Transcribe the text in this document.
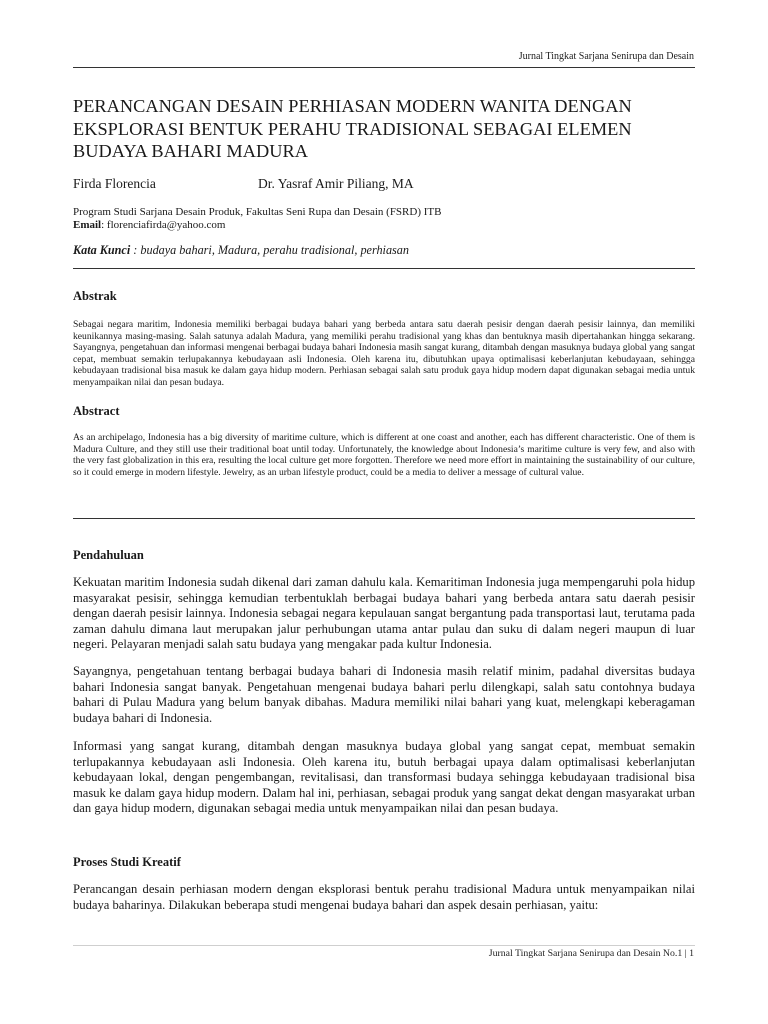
Jurnal Tingkat Sarjana Senirupa dan Desain
PERANCANGAN DESAIN PERHIASAN MODERN WANITA DENGAN EKSPLORASI BENTUK PERAHU TRADISIONAL SEBAGAI ELEMEN BUDAYA BAHARI MADURA
Firda Florencia	Dr. Yasraf Amir Piliang, MA
Program Studi Sarjana Desain Produk, Fakultas Seni Rupa dan Desain (FSRD) ITB
Email: florenciafirda@yahoo.com
Kata Kunci : budaya bahari, Madura, perahu tradisional, perhiasan
Abstrak

Sebagai negara maritim, Indonesia memiliki berbagai budaya bahari yang berbeda antara satu daerah pesisir dengan daerah pesisir lainnya, dan memiliki keunikannya masing-masing. Salah satunya adalah Madura, yang memiliki perahu tradisional yang khas dan bentuknya masih dipertahankan hingga sekarang. Sayangnya, pengetahuan dan informasi mengenai berbagai budaya bahari Indonesia masih sangat kurang, ditambah dengan masuknya budaya global yang sangat cepat, membuat semakin terlupakannya kebudayaan asli Indonesia. Oleh karena itu, dibutuhkan upaya optimalisasi keberlanjutan kebudayaan, sehingga kebudayaan tradisional bisa masuk ke dalam gaya hidup modern. Perhiasan sebagai salah satu produk gaya hidup modern dapat digunakan sebagai media untuk menyampaikan nilai dan pesan budaya.

Abstract

As an archipelago, Indonesia has a big diversity of maritime culture, which is different at one coast and another, each has different characteristic. One of them is Madura Culture, and they still use their traditional boat until today. Unfortunately, the knowledge about Indonesia’s maritime culture is very few, and also with the very fast globalization in this era, resulting the local culture get more forgotten. Therefore we need more effort in maintaining the sustainability of our culture, so it could emerge in modern lifestyle. Jewelry, as an urban lifestyle product, could be a media to deliver a message of cultural value.

Pendahuluan

Kekuatan maritim Indonesia sudah dikenal dari zaman dahulu kala. Kemaritiman Indonesia juga mempengaruhi pola hidup masyarakat pesisir, sehingga kemudian terbentuklah berbagai budaya bahari yang berbeda antara satu daerah pesisir dengan daerah pesisir lainnya. Indonesia sebagai negara kepulauan sangat bergantung pada transportasi laut, terutama pada zaman dahulu dimana laut merupakan jalur perhubungan utama antar pulau dan suku di dalam negeri maupun di luar negeri. Pelayaran menjadi salah satu budaya yang mengakar pada kultur Indonesia.

Sayangnya, pengetahuan tentang berbagai budaya bahari di Indonesia masih relatif minim, padahal diversitas budaya bahari Indonesia sangat banyak. Pengetahuan mengenai budaya bahari perlu dilengkapi, salah satu contohnya budaya bahari di Pulau Madura yang belum banyak dibahas. Madura memiliki nilai bahari yang kuat, melengkapi keberagaman budaya bahari di Indonesia.

Informasi yang sangat kurang, ditambah dengan masuknya budaya global yang sangat cepat, membuat semakin terlupakannya kebudayaan asli Indonesia. Oleh karena itu, butuh berbagai upaya dalam optimalisasi keberlanjutan kebudayaan lokal, dengan pengembangan, revitalisasi, dan transformasi budaya sehingga kebudayaan tradisional bisa masuk ke dalam gaya hidup modern. Dalam hal ini, perhiasan, sebagai produk yang sangat dekat dengan masyarakat urban dan gaya hidup modern, digunakan sebagai media untuk menyampaikan nilai dan pesan budaya.

Proses Studi Kreatif

Perancangan desain perhiasan modern dengan eksplorasi bentuk perahu tradisional Madura untuk menyampaikan nilai budaya baharinya. Dilakukan beberapa studi mengenai budaya bahari dan aspek desain perhiasan, yaitu:

Jurnal Tingkat Sarjana Senirupa dan Desain No.1 | 1
